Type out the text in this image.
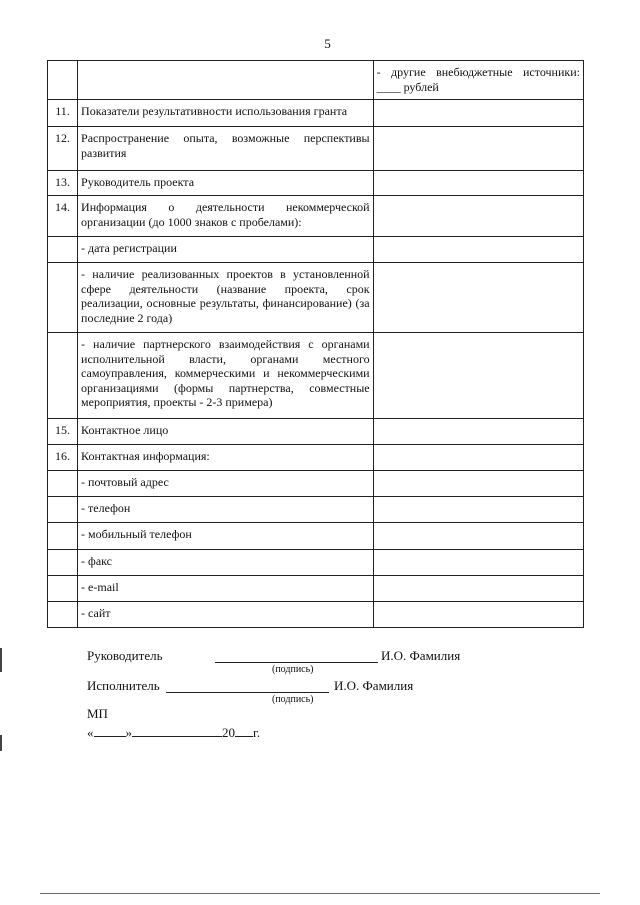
5
		- другие внебюджетные источники: ____ рублей
11.	Показатели результативности использования гранта	
12.	Распространение опыта, возможные перспективы развития	
13.	Руководитель проекта	
14.	Информация о деятельности некоммерческой организации (до 1000 знаков с пробелами):	
	- дата регистрации	
	- наличие реализованных проектов в установленной сфере деятельности (название проекта, срок реализации, основные результаты, финансирование) (за последние 2 года)	
	- наличие партнерского взаимодействия с органами исполнительной власти, органами местного самоуправления, коммерческими и некоммерческими организациями (формы партнерства, совместные мероприятия, проекты - 2-3 примера)	
15.	Контактное лицо	
16.	Контактная информация:	
	- почтовый адрес	
	- телефон	
	- мобильный телефон	
	- факс	
	- e-mail	
	- сайт	
Руководитель	И.О. Фамилия
(подпись)
Исполнитель	И.О. Фамилия
(подпись)
МП
« »	20 г.
